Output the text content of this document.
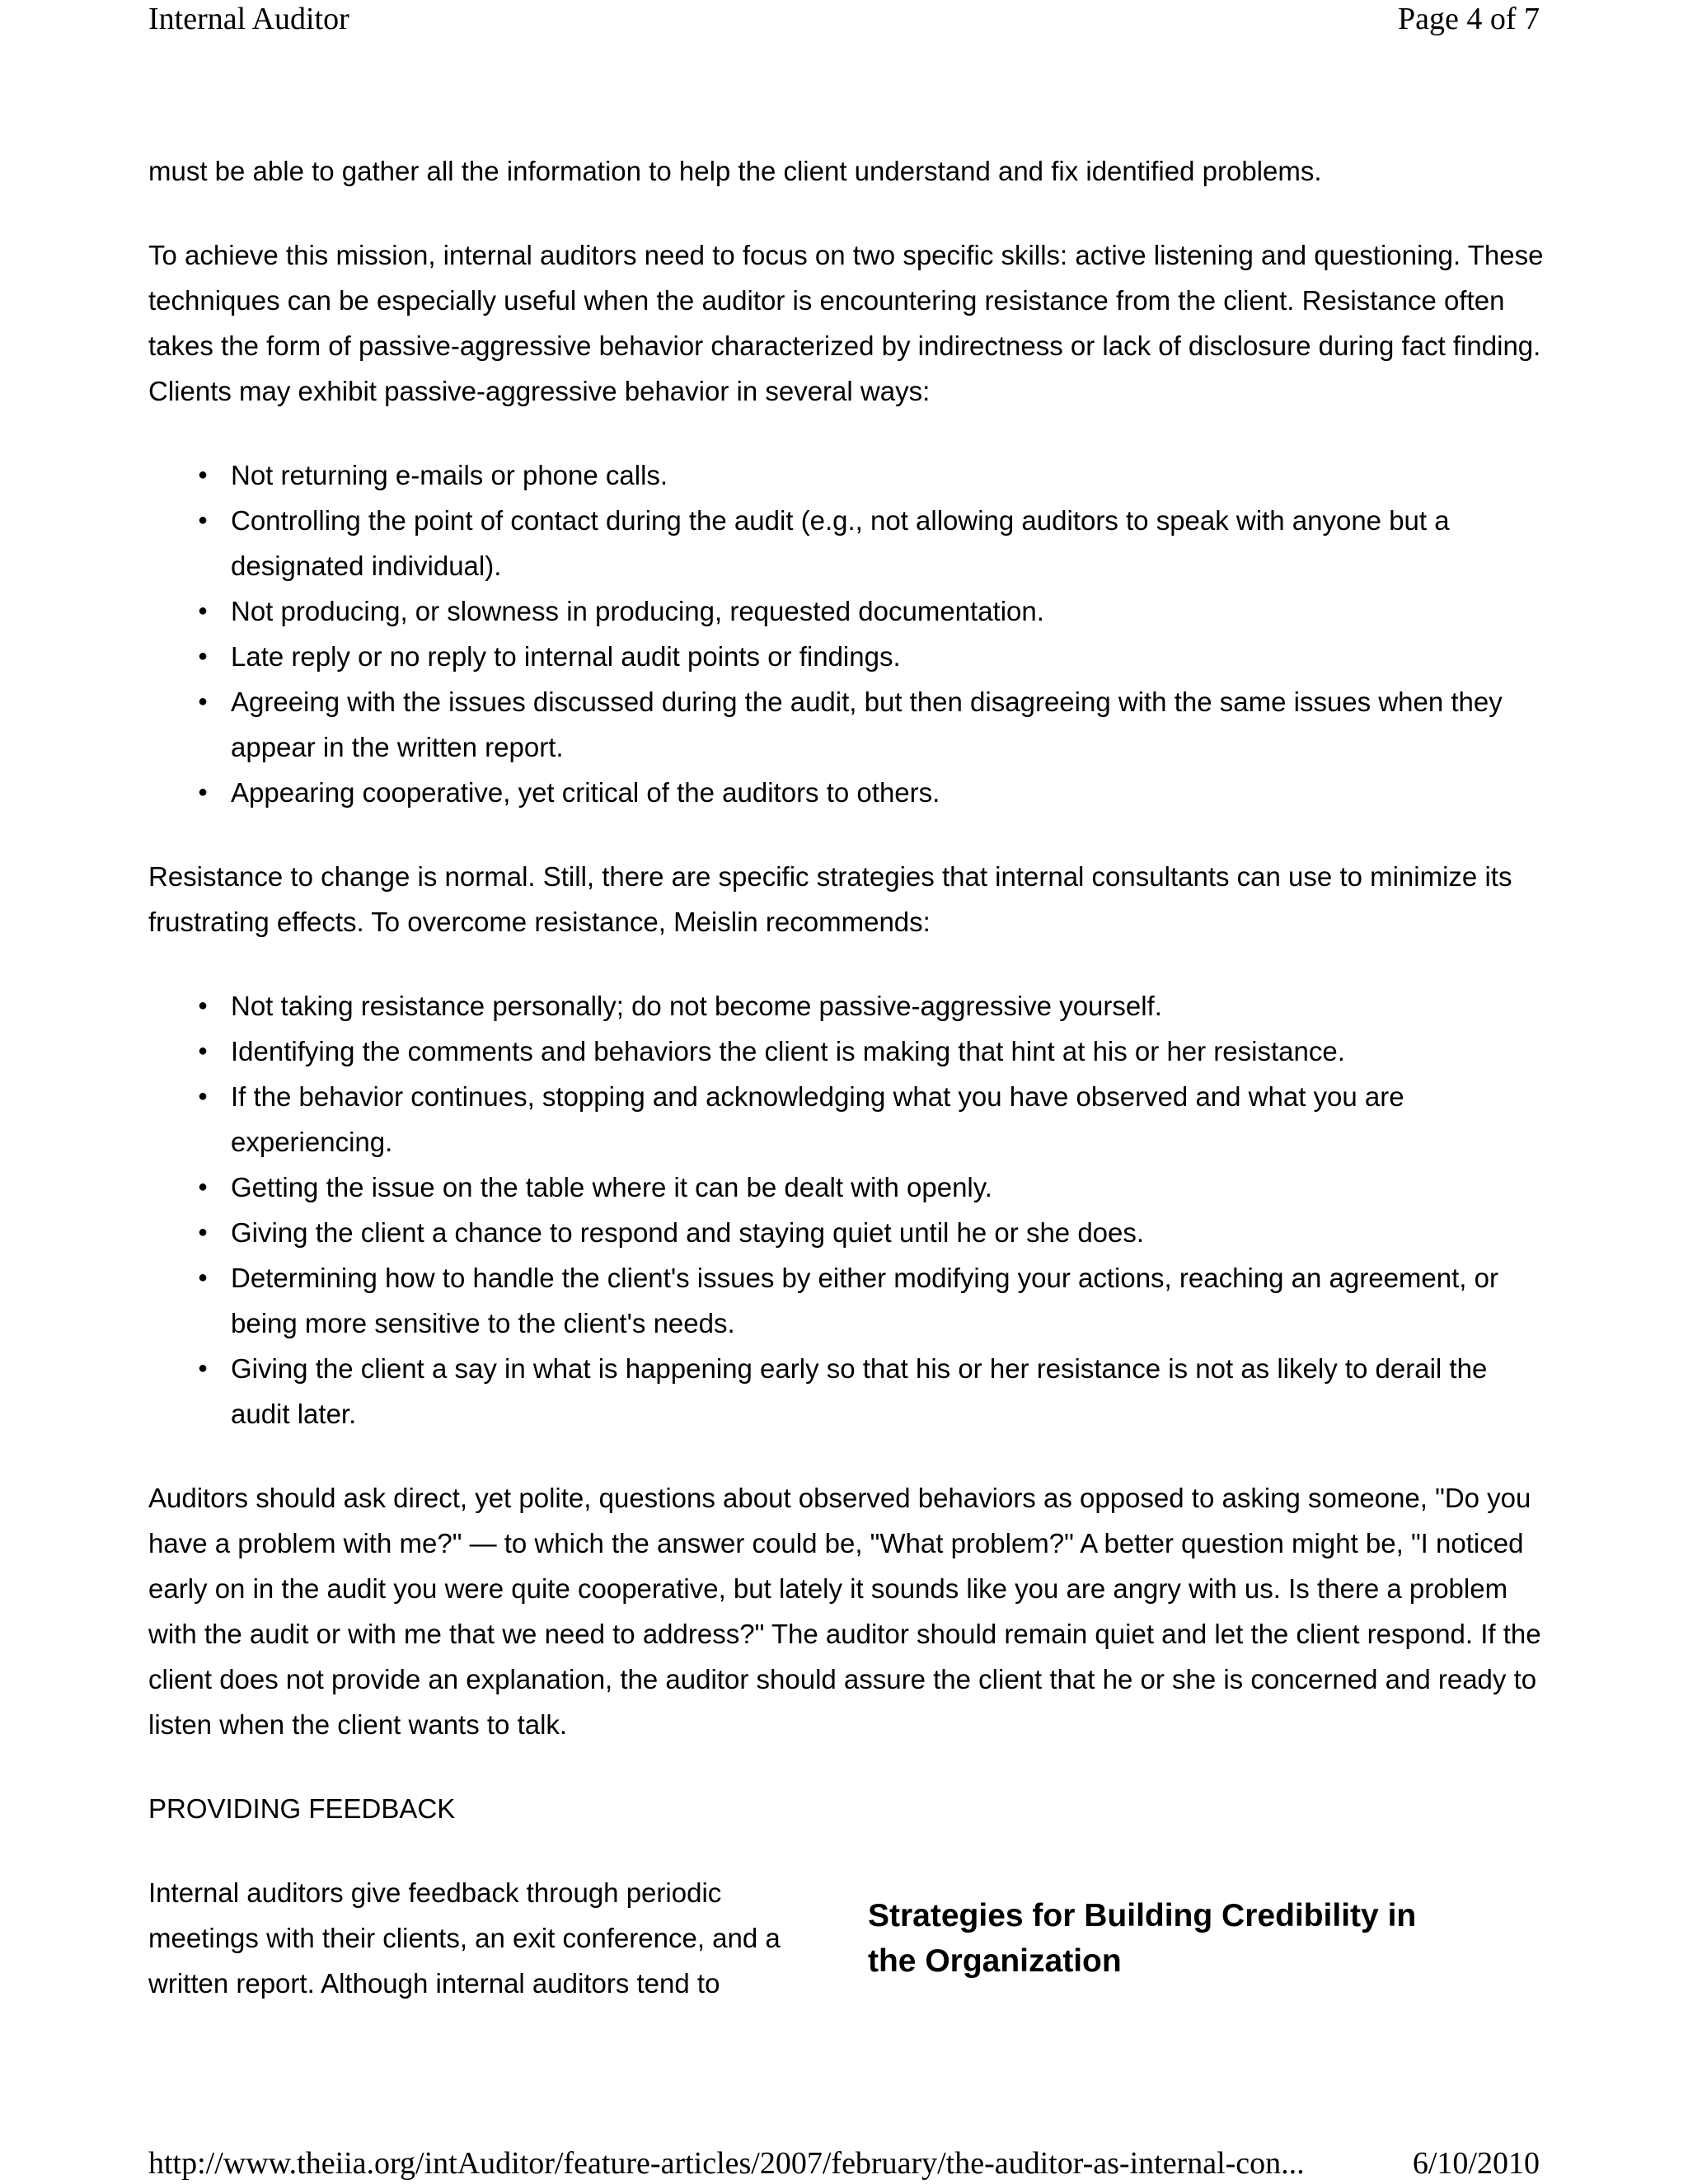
Internal Auditor	Page 4 of 7

must be able to gather all the information to help the client understand and fix identified problems.

To achieve this mission, internal auditors need to focus on two specific skills: active listening and questioning. These techniques can be especially useful when the auditor is encountering resistance from the client. Resistance often takes the form of passive-aggressive behavior characterized by indirectness or lack of disclosure during fact finding. Clients may exhibit passive-aggressive behavior in several ways:

● Not returning e-mails or phone calls.
● Controlling the point of contact during the audit (e.g., not allowing auditors to speak with anyone but a designated individual).
● Not producing, or slowness in producing, requested documentation.
● Late reply or no reply to internal audit points or findings.
● Agreeing with the issues discussed during the audit, but then disagreeing with the same issues when they appear in the written report.
● Appearing cooperative, yet critical of the auditors to others.

Resistance to change is normal. Still, there are specific strategies that internal consultants can use to minimize its frustrating effects. To overcome resistance, Meislin recommends:

● Not taking resistance personally; do not become passive-aggressive yourself.
● Identifying the comments and behaviors the client is making that hint at his or her resistance.
● If the behavior continues, stopping and acknowledging what you have observed and what you are experiencing.
● Getting the issue on the table where it can be dealt with openly.
● Giving the client a chance to respond and staying quiet until he or she does.
● Determining how to handle the client's issues by either modifying your actions, reaching an agreement, or being more sensitive to the client's needs.
● Giving the client a say in what is happening early so that his or her resistance is not as likely to derail the audit later.

Auditors should ask direct, yet polite, questions about observed behaviors as opposed to asking someone, "Do you have a problem with me?" — to which the answer could be, "What problem?" A better question might be, "I noticed early on in the audit you were quite cooperative, but lately it sounds like you are angry with us. Is there a problem with the audit or with me that we need to address?" The auditor should remain quiet and let the client respond. If the client does not provide an explanation, the auditor should assure the client that he or she is concerned and ready to listen when the client wants to talk.

PROVIDING FEEDBACK

Internal auditors give feedback through periodic meetings with their clients, an exit conference, and a written report. Although internal auditors tend to

Strategies for Building Credibility in the Organization
http://www.theiia.org/intAuditor/feature-articles/2007/february/the-auditor-as-internal-con...	6/10/2010
